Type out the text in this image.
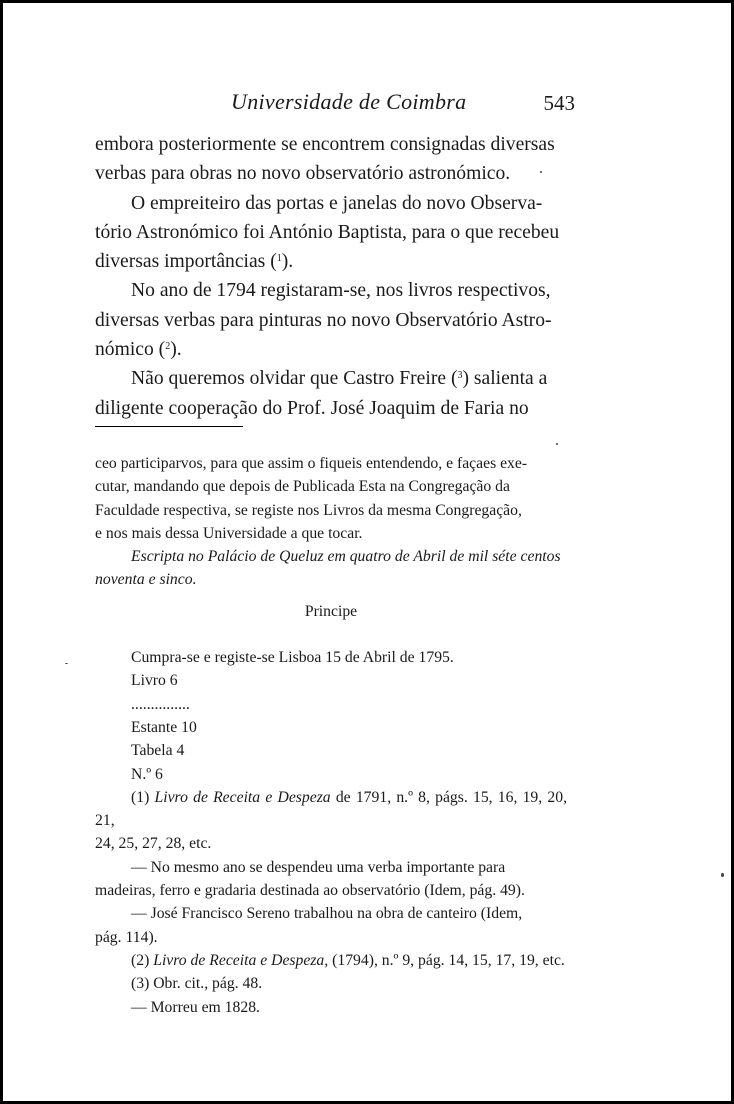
Universidade de Coimbra	543

embora posteriormente se encontrem consignadas diversas
verbas para obras no novo observatório astronómico.

O empreiteiro das portas e janelas do novo Observa-
tório Astronómico foi António Baptista, para o que recebeu
diversas importâncias ($^1$).

No ano de 1794 registaram-se, nos livros respectivos,
diversas verbas para pinturas no novo Observatório Astro-
nómico ($^2$).

Não queremos olvidar que Castro Freire ($^3$) salienta a
diligente cooperação do Prof. José Joaquim de Faria no

ceo participarvos, para que assim o fiqueis entendendo, e façaes exe-
cutar, mandando que depois de Publicada Esta na Congregação da
Faculdade respectiva, se registe nos Livros da mesma Congregação,
e nos mais dessa Universidade a que tocar.

Escripta no Palácio de Queluz em quatro de Abril de mil séte centos
noventa e sinco.

Principe

Cumpra-se e registe-se Lisboa 15 de Abril de 1795.

Livro 6

...............

Estante 10

Tabela 4

N.º 6

(1) Livro de Receita e Despeza de 1791, n.º 8, págs. 15, 16, 19, 20, 21,
24, 25, 27, 28, etc.

— No mesmo ano se despendeu uma verba importante para
madeiras, ferro e gradaria destinada ao observatório (Idem, pág. 49).

— José Francisco Sereno trabalhou na obra de canteiro (Idem,
pág. 114).

(2) Livro de Receita e Despeza, (1794), n.º 9, pág. 14, 15, 17, 19, etc.

(3) Obr. cit., pág. 48.

— Morreu em 1828.
